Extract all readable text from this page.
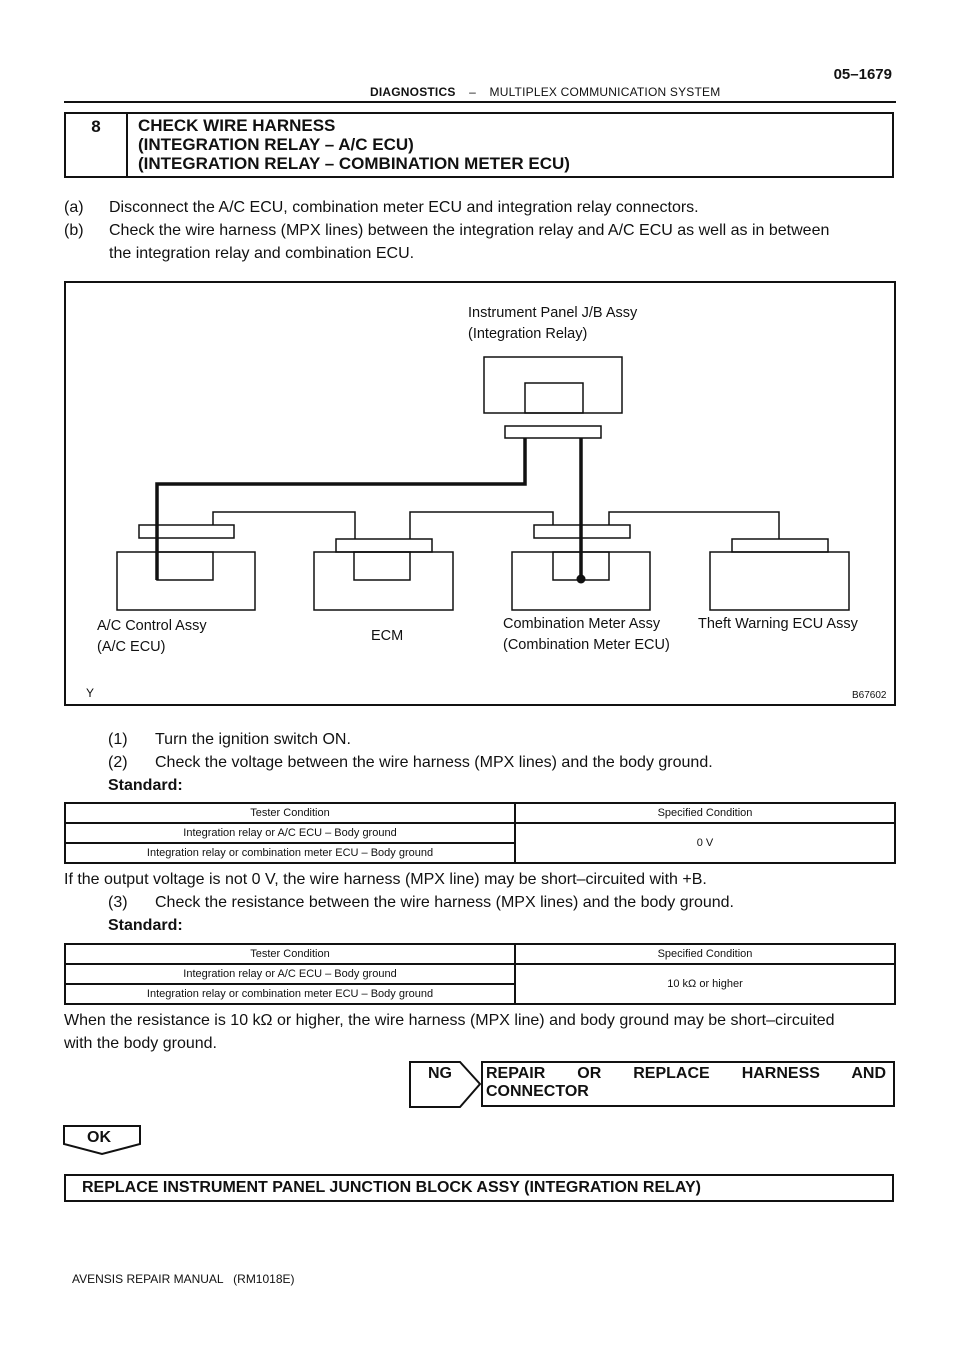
05–1679
DIAGNOSTICS – MULTIPLEX COMMUNICATION SYSTEM
8	CHECK WIRE HARNESS
(INTEGRATION RELAY – A/C ECU)
(INTEGRATION RELAY – COMBINATION METER ECU)
(a) Disconnect the A/C ECU, combination meter ECU and integration relay connectors.
(b) Check the wire harness (MPX lines) between the integration relay and A/C ECU as well as in between
the integration relay and combination ECU.
Instrument Panel J/B Assy
(Integration Relay)
A/C Control Assy
(A/C ECU)
ECM
Combination Meter Assy
(Combination Meter ECU)
Theft Warning ECU Assy
Y	B67602
(1) Turn the ignition switch ON.
(2) Check the voltage between the wire harness (MPX lines) and the body ground.
Standard:
Tester Condition	Specified Condition
Integration relay or A/C ECU – Body ground	0 V
Integration relay or combination meter ECU – Body ground	
If the output voltage is not 0 V, the wire harness (MPX line) may be short–circuited with +B.
(3) Check the resistance between the wire harness (MPX lines) and the body ground.
Standard:
Tester Condition	Specified Condition
Integration relay or A/C ECU – Body ground	10 kΩ or higher
Integration relay or combination meter ECU – Body ground	
When the resistance is 10 kΩ or higher, the wire harness (MPX line) and body ground may be short–circuited
with the body ground.
NG REPAIR OR REPLACE HARNESS AND
CONNECTOR
OK
REPLACE INSTRUMENT PANEL JUNCTION BLOCK ASSY (INTEGRATION RELAY)
AVENSIS REPAIR MANUAL   (RM1018E)
